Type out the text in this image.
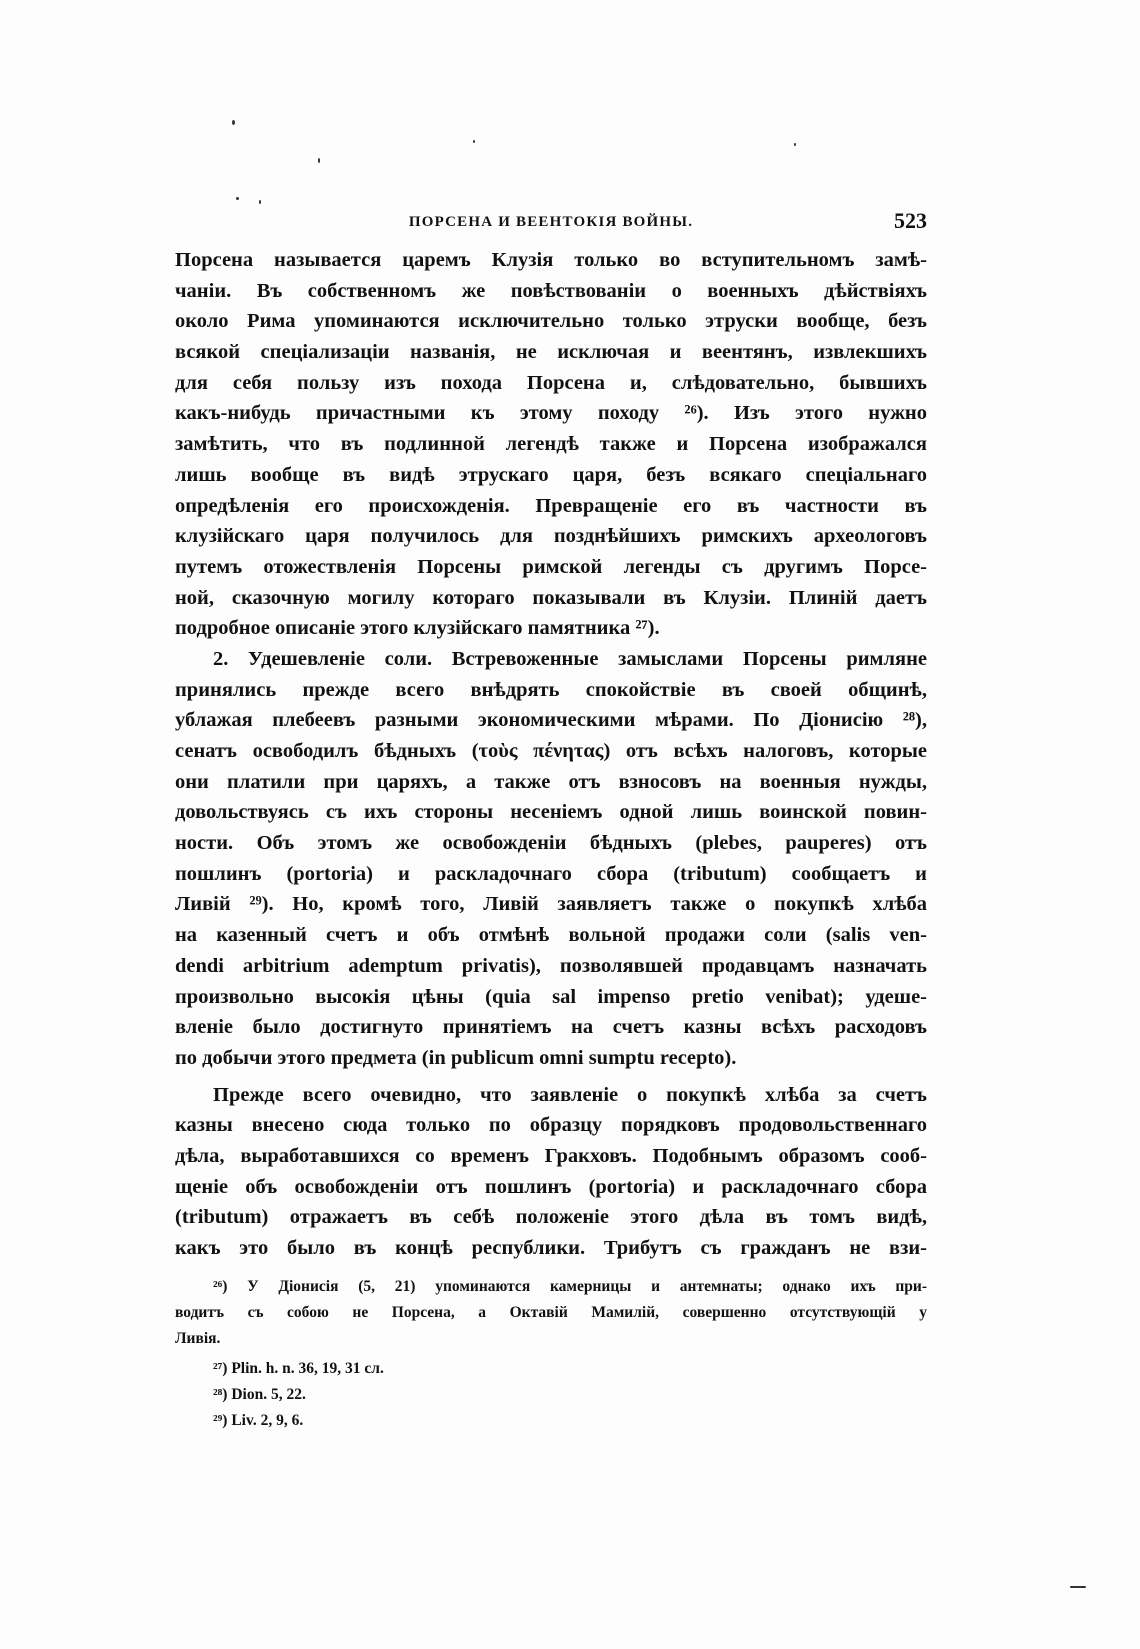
ПОРСЕНА И ВЕЕНТОКІЯ ВОЙНЫ.	523
Порсена называется царемъ Клузія только во вступительномъ замѣ-
чаніи. Въ собственномъ же повѣствованіи о военныхъ дѣйствіяхъ
около Рима упоминаются исключительно только этруски вообще, безъ
всякой спеціализаціи названія, не исключая и веентянъ, извлекшихъ
для себя пользу изъ похода Порсена и, слѣдовательно, бывшихъ
какъ-нибудь причастными къ этому походу ²⁶). Изъ этого нужно
замѣтить, что въ подлинной легендѣ также и Порсена изображался
лишь вообще въ видѣ этрускаго царя, безъ всякаго спеціальнаго
опредѣленія его происхожденія. Превращеніе его въ частности въ
клузійскаго царя получилось для позднѣйшихъ римскихъ археологовъ
путемъ отожествленія Порсены римской легенды съ другимъ Порсе-
ной, сказочную могилу котораго показывали въ Клузіи. Плиній даетъ
подробное описаніе этого клузійскаго памятника ²⁷).
2. Удешевленіе соли. Встревоженные замыслами Порсены римляне
принялись прежде всего внѣдрять спокойствіе въ своей общинѣ,
ублажая плебеевъ разными экономическими мѣрами. По Діонисію ²⁸),
сенатъ освободилъ бѣдныхъ (τοὺς πένητας) отъ всѣхъ налоговъ, которые
они платили при царяхъ, а также отъ взносовъ на военныя нужды,
довольствуясь съ ихъ стороны несеніемъ одной лишь воинской повин-
ности. Объ этомъ же освобожденіи бѣдныхъ (plebes, pauperes) отъ
пошлинъ (portoria) и раскладочнаго сбора (tributum) сообщаетъ и
Ливій ²⁹). Но, кромѣ того, Ливій заявляетъ также о покупкѣ хлѣба
на казенный счетъ и объ отмѣнѣ вольной продажи соли (salis ven-
dendi arbitrium ademptum privatis), позволявшей продавцамъ назначать
произвольно высокія цѣны (quia sal impenso pretio venibat); удеше-
вленіе было достигнуто принятіемъ на счетъ казны всѣхъ расходовъ
по добычи этого предмета (in publicum omni sumptu recepto).
Прежде всего очевидно, что заявленіе о покупкѣ хлѣба за счетъ
казны внесено сюда только по образцу порядковъ продовольственнаго
дѣла, выработавшихся со временъ Гракховъ. Подобнымъ образомъ сооб-
щеніе объ освобожденіи отъ пошлинъ (portoria) и раскладочнаго сбора
(tributum) отражаетъ въ себѣ положеніе этого дѣла въ томъ видѣ,
какъ это было въ концѣ республики. Трибутъ съ гражданъ не взи-
²⁶) У Діонисія (5, 21) упоминаются камерницы и антемнаты; однако ихъ при-
водитъ съ собою не Порсена, а Октавій Мамилій, совершенно отсутствующій у
Ливія.
²⁷) Plin. h. n. 36, 19, 31 сл.
²⁸) Dion. 5, 22.
²⁹) Liv. 2, 9, 6.
